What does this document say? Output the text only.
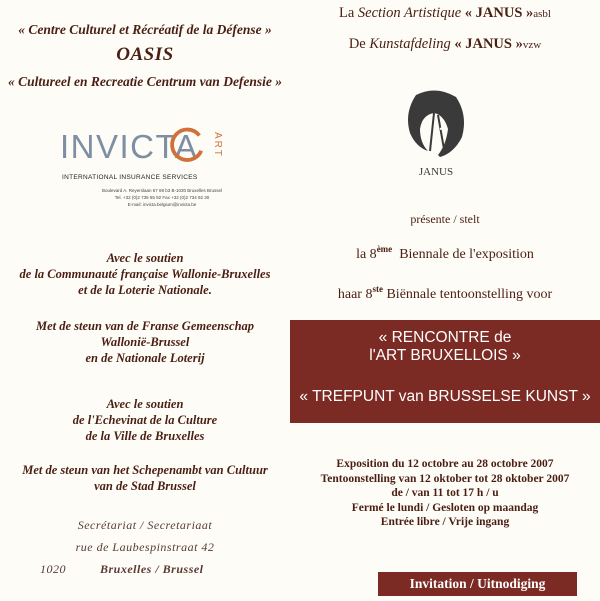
« Centre Culturel et Récréatif de la Défense »
OASIS
« Cultureel en Recreatie Centrum van Defensie »
INVICTA ART
INTERNATIONAL INSURANCE SERVICES
Boulevard A. Reyerslaan 67 69 b3 B-1030 Bruxelles Brussel
Tel. +32 (0)2 735 55 92 Fax +32 (0)2 734 92 30
E-mail: invicta.belgium@invicta.be
Avec le soutien
de la Communauté française Wallonie-Bruxelles
et de la Loterie Nationale.
Met de steun van de Franse Gemeenschap
Wallonië-Brussel
en de Nationale Loterij
Avec le soutien
de l'Echevinat de la Culture
de la Ville de Bruxelles
Met de steun van het Schepenambt van Cultuur
van de Stad Brussel
Secrétariat / Secretariaat
rue de Laubespinstraat 42
1020	Bruxelles / Brussel
La Section Artistique « JANUS »asbl
De Kunstafdeling « JANUS »vzw
JANUS
présente / stelt
la 8ème Biennale de l'exposition
haar 8ste Biënnale tentoonstelling voor
« RENCONTRE de
l'ART BRUXELLOIS »
« TREFPUNT van BRUSSELSE KUNST »
Exposition du 12 octobre au 28 octobre 2007
Tentoonstelling van 12 oktober tot 28 oktober 2007
de / van 11 tot 17 h / u
Fermé le lundi / Gesloten op maandag
Entrée libre / Vrije ingang
Invitation / Uitnodiging
